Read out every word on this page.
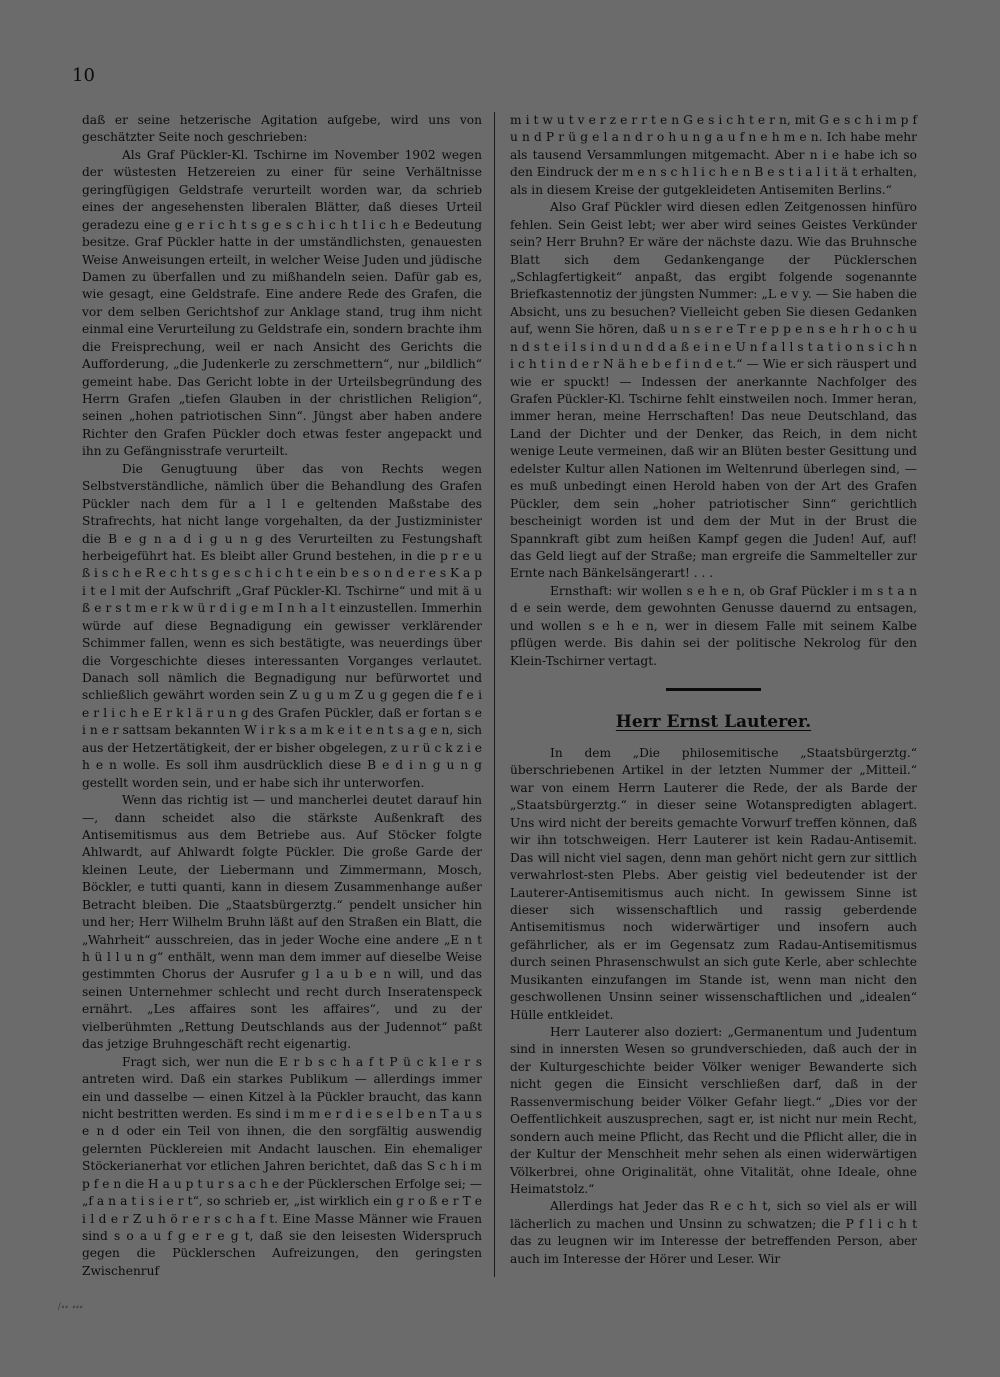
10

daß er seine hetzerische Agitation aufgebe, wird uns von geschätzter Seite noch geschrieben:

Als Graf Pückler-Kl. Tschirne im November 1902 wegen der wüstesten Hetzereien zu einer für seine Verhältnisse geringfügigen Geldstrafe verurteilt worden war, da schrieb eines der angesehensten liberalen Blätter, daß dieses Urteil geradezu eine g e r i c h t s g e s c h i c h t l i c h e Bedeutung besitze. Graf Pückler hatte in der umständlichsten, genauesten Weise Anweisungen erteilt, in welcher Weise Juden und jüdische Damen zu überfallen und zu mißhandeln seien. Dafür gab es, wie gesagt, eine Geldstrafe. Eine andere Rede des Grafen, die vor dem selben Gerichtshof zur Anklage stand, trug ihm nicht einmal eine Verurteilung zu Geldstrafe ein, sondern brachte ihm die Freisprechung, weil er nach Ansicht des Gerichts die Aufforderung, „die Judenkerle zu zerschmettern“, nur „bildlich“ gemeint habe. Das Gericht lobte in der Urteilsbegründung des Herrn Grafen „tiefen Glauben in der christlichen Religion“, seinen „hohen patriotischen Sinn“. Jüngst aber haben andere Richter den Grafen Pückler doch etwas fester angepackt und ihn zu Gefängnisstrafe verurteilt.

Die Genugtuung über das von Rechts wegen Selbstverständliche, nämlich über die Behandlung des Grafen Pückler nach dem für a l l e geltenden Maßstabe des Strafrechts, hat nicht lange vorgehalten, da der Justizminister die B e g n a d i g u n g des Verurteilten zu Festungshaft herbeigeführt hat. Es bleibt aller Grund bestehen, in die p r e u ß i s c h e R e c h t s g e s c h i c h t e ein b e s o n d e r e s K a p i t e l mit der Aufschrift „Graf Pückler-Kl. Tschirne“ und mit ä u ß e r s t m e r k w ü r d i g e m I n h a l t einzustellen. Immerhin würde auf diese Begnadigung ein gewisser verklärender Schimmer fallen, wenn es sich bestätigte, was neuerdings über die Vorgeschichte dieses interessanten Vorganges verlautet. Danach soll nämlich die Begnadigung nur befürwortet und schließlich gewährt worden sein Z u g u m Z u g gegen die f e i e r l i c h e E r k l ä r u n g des Grafen Pückler, daß er fortan s e i n e r sattsam bekannten W i r k s a m k e i t e n t s a g e n, sich aus der Hetzertätigkeit, der er bisher obgelegen, z u r ü c k z i e h e n wolle. Es soll ihm ausdrücklich diese B e d i n g u n g gestellt worden sein, und er habe sich ihr unterworfen.

Wenn das richtig ist — und mancherlei deutet darauf hin —, dann scheidet also die stärkste Außenkraft des Antisemitismus aus dem Betriebe aus. Auf Stöcker folgte Ahlwardt, auf Ahlwardt folgte Pückler. Die große Garde der kleinen Leute, der Liebermann und Zimmermann, Mosch, Böckler, e tutti quanti, kann in diesem Zusammenhange außer Betracht bleiben. Die „Staatsbürgerztg.“ pendelt unsicher hin und her; Herr Wilhelm Bruhn läßt auf den Straßen ein Blatt, die „Wahrheit“ ausschreien, das in jeder Woche eine andere „E n t h ü l l u n g“ enthält, wenn man dem immer auf dieselbe Weise gestimmten Chorus der Ausrufer g l a u b e n will, und das seinen Unternehmer schlecht und recht durch Inseratenspeck ernährt. „Les affaires sont les affaires“, und zu der vielberühmten „Rettung Deutschlands aus der Judennot“ paßt das jetzige Bruhngeschäft recht eigenartig.

Fragt sich, wer nun die E r b s c h a f t P ü c k l e r s antreten wird. Daß ein starkes Publikum — allerdings immer ein und dasselbe — einen Kitzel à la Pückler braucht, das kann nicht bestritten werden. Es sind i m m e r d i e s e l b e n T a u s e n d oder ein Teil von ihnen, die den sorgfältig auswendig gelernten Pücklereien mit Andacht lauschen. Ein ehemaliger Stöckerianerhat vor etlichen Jahren berichtet, daß das S c h i m p f e n die H a u p t u r s a c h e der Pücklerschen Erfolge sei; — „f a n a t i s i e r t“, so schrieb er, „ist wirklich ein g r o ß e r T e i l d e r Z u h ö r e r s c h a f t. Eine Masse Männer wie Frauen sind s o a u f g e r e g t, daß sie den leisesten Widerspruch gegen die Pücklerschen Aufreizungen, den geringsten Zwischenruf

m i t w u t v e r z e r r t e n G e s i c h t e r n, mit G e s c h i m p f u n d P r ü g e l a n d r o h u n g a u f n e h m e n. Ich habe mehr als tausend Versammlungen mitgemacht. Aber n i e habe ich so den Eindruck der m e n s c h l i c h e n B e s t i a l i t ä t erhalten, als in diesem Kreise der gutgekleideten Antisemiten Berlins.“

Also Graf Pückler wird diesen edlen Zeitgenossen hinfüro fehlen. Sein Geist lebt; wer aber wird seines Geistes Verkünder sein? Herr Bruhn? Er wäre der nächste dazu. Wie das Bruhnsche Blatt sich dem Gedankengange der Pücklerschen „Schlagfertigkeit“ anpaßt, das ergibt folgende sogenannte Briefkastennotiz der jüngsten Nummer: „L e v y. — Sie haben die Absicht, uns zu besuchen? Vielleicht geben Sie diesen Gedanken auf, wenn Sie hören, daß u n s e r e T r e p p e n s e h r h o c h u n d s t e i l s i n d u n d d a ß e i n e U n f a l l s t a t i o n s i c h n i c h t i n d e r N ä h e b e f i n d e t.“ — Wie er sich räuspert und wie er spuckt! — Indessen der anerkannte Nachfolger des Grafen Pückler-Kl. Tschirne fehlt einstweilen noch. Immer heran, immer heran, meine Herrschaften! Das neue Deutschland, das Land der Dichter und der Denker, das Reich, in dem nicht wenige Leute vermeinen, daß wir an Blüten bester Gesittung und edelster Kultur allen Nationen im Weltenrund überlegen sind, — es muß unbedingt einen Herold haben von der Art des Grafen Pückler, dem sein „hoher patriotischer Sinn“ gerichtlich bescheinigt worden ist und dem der Mut in der Brust die Spannkraft gibt zum heißen Kampf gegen die Juden! Auf, auf! das Geld liegt auf der Straße; man ergreife die Sammelteller zur Ernte nach Bänkelsängerart! . . .

Ernsthaft: wir wollen s e h e n, ob Graf Pückler i m s t a n d e sein werde, dem gewohnten Genusse dauernd zu entsagen, und wollen s e h e n, wer in diesem Falle mit seinem Kalbe pflügen werde. Bis dahin sei der politische Nekrolog für den Klein-Tschirner vertagt.

Herr Ernst Lauterer.

In dem „Die philosemitische „Staatsbürgerztg.“ überschriebenen Artikel in der letzten Nummer der „Mitteil.“ war von einem Herrn Lauterer die Rede, der als Barde der „Staatsbürgerztg.“ in dieser seine Wotanspredigten ablagert. Uns wird nicht der bereits gemachte Vorwurf treffen können, daß wir ihn totschweigen. Herr Lauterer ist kein Radau-Antisemit. Das will nicht viel sagen, denn man gehört nicht gern zur sittlich verwahrlost-sten Plebs. Aber geistig viel bedeutender ist der Lauterer-Antisemitismus auch nicht. In gewissem Sinne ist dieser sich wissenschaftlich und rassig geberdende Antisemitismus noch widerwärtiger und insofern auch gefährlicher, als er im Gegensatz zum Radau-Antisemitismus durch seinen Phrasenschwulst an sich gute Kerle, aber schlechte Musikanten einzufangen im Stande ist, wenn man nicht den geschwollenen Unsinn seiner wissenschaftlichen und „idealen“ Hülle entkleidet.

Herr Lauterer also doziert: „Germanentum und Judentum sind in innersten Wesen so grundverschieden, daß auch der in der Kulturgeschichte beider Völker weniger Bewanderte sich nicht gegen die Einsicht verschließen darf, daß in der Rassenvermischung beider Völker Gefahr liegt.“ „Dies vor der Oeffentlichkeit auszusprechen, sagt er, ist nicht nur mein Recht, sondern auch meine Pflicht, das Recht und die Pflicht aller, die in der Kultur der Menschheit mehr sehen als einen widerwärtigen Völkerbrei, ohne Originalität, ohne Vitalität, ohne Ideale, ohne Heimatstolz.“

Allerdings hat Jeder das R e c h t, sich so viel als er will lächerlich zu machen und Unsinn zu schwatzen; die P f l i c h t das zu leugnen wir im Interesse der betreffenden Person, aber auch im Interesse der Hörer und Leser. Wir

⧸⸗⸗ ⸗⸗⸗
